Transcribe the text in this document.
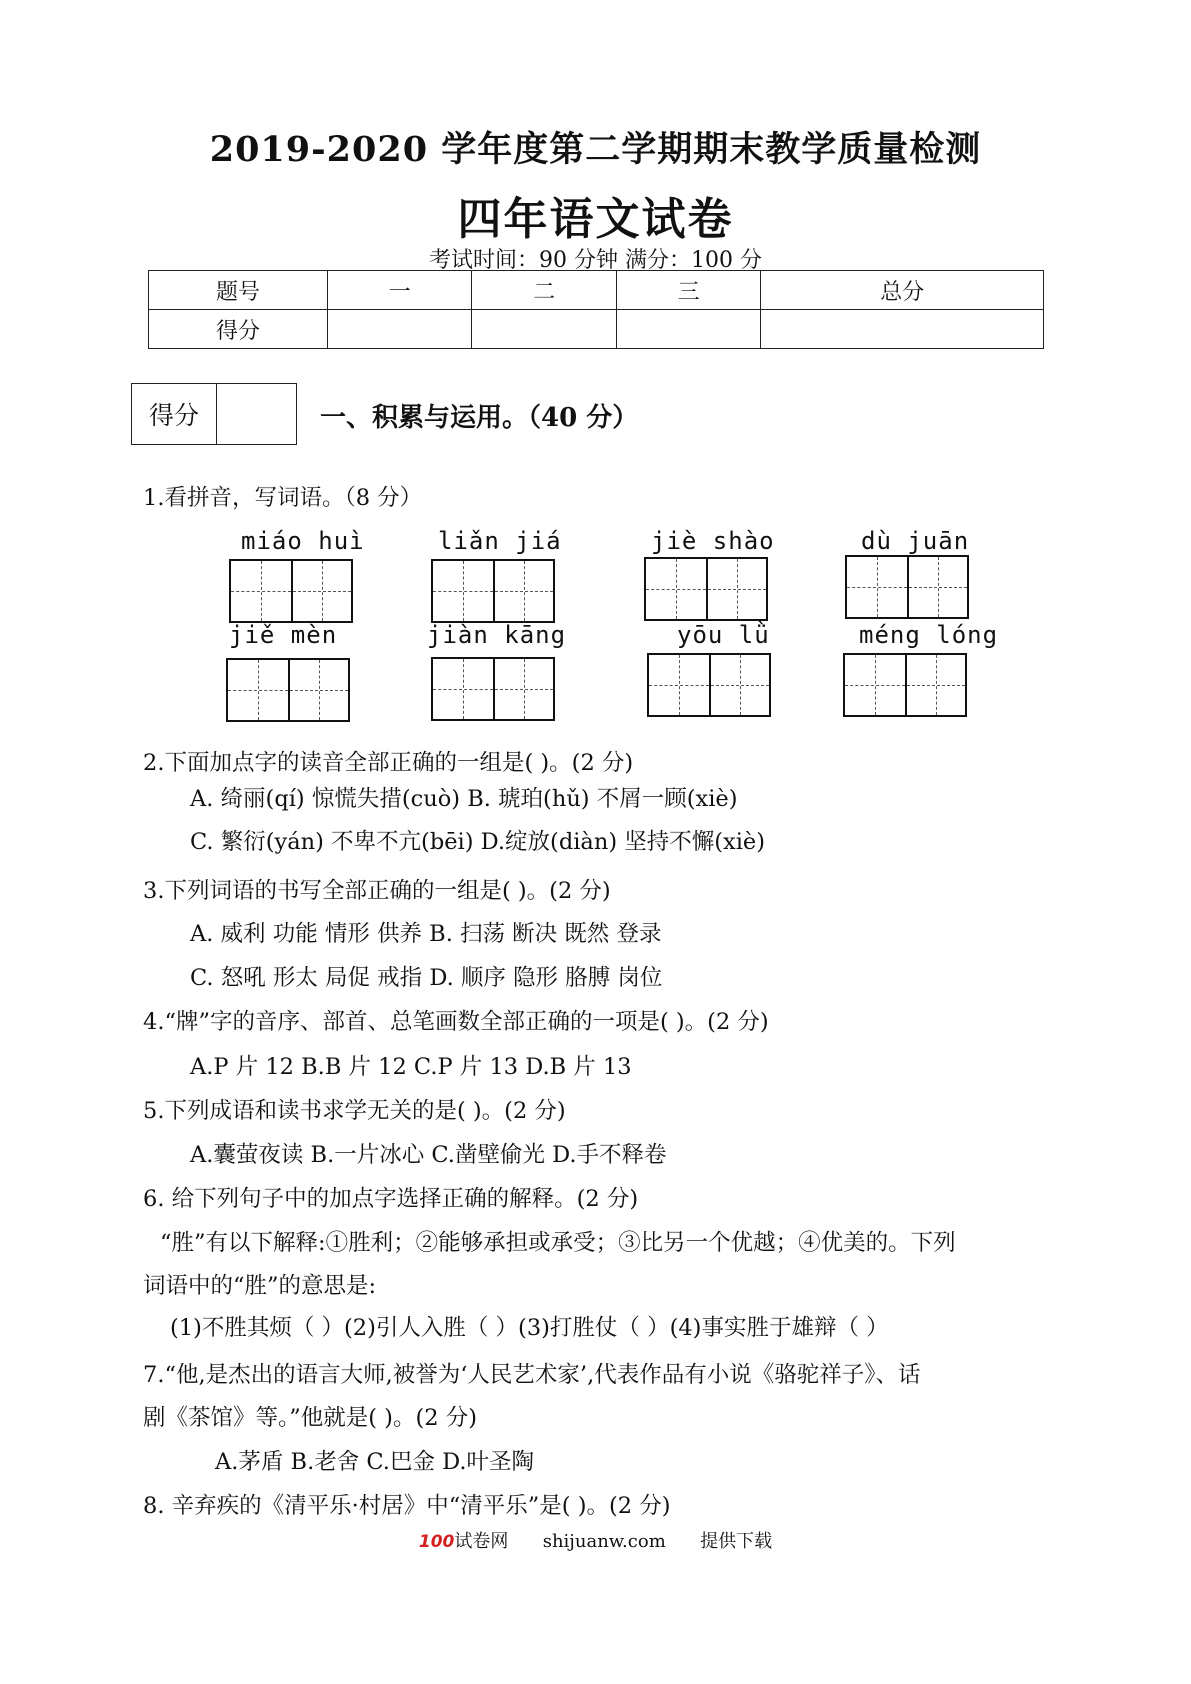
2019-2020 学年度第二学期期末教学质量检测
四年语文试卷
考试时间：90 分钟 满分：100 分
题号	一	二	三	总分
得分				
得分	一、积累与运用。（40 分）
1.看拼音，写词语。（8 分）
miáo huì	liǎn jiá	jiè shào	dù juān
jiě mèn	jiàn kāng	yōu lǜ	méng lóng
2.下面加点字的读音全部正确的一组是( )。(2 分)
A. 绮丽(qí) 惊慌失措(cuò) B. 琥珀(hǔ) 不屑一顾(xiè)
C. 繁衍(yán) 不卑不亢(bēi) D.绽放(diàn) 坚持不懈(xiè)
3.下列词语的书写全部正确的一组是( )。(2 分)
A. 威利 功能 情形 供养 B. 扫荡 断决 既然 登录
C. 怒吼 形太 局促 戒指 D. 顺序 隐形 胳膊 岗位
4.“牌”字的音序、部首、总笔画数全部正确的一项是( )。(2 分)
A.P 片 12 B.B 片 12 C.P 片 13 D.B 片 13
5.下列成语和读书求学无关的是( )。(2 分)
A.囊萤夜读 B.一片冰心 C.凿壁偷光 D.手不释卷
6. 给下列句子中的加点字选择正确的解释。(2 分)
“胜”有以下解释:①胜利；②能够承担或承受；③比另一个优越；④优美的。下列
词语中的“胜”的意思是:
(1)不胜其烦（ ）(2)引人入胜（ ）(3)打胜仗（ ）(4)事实胜于雄辩（ ）
7.“他,是杰出的语言大师,被誉为‘人民艺术家’,代表作品有小说《骆驼祥子》、话
剧《茶馆》等。”他就是( )。(2 分)
A.茅盾 B.老舍 C.巴金 D.叶圣陶
8. 辛弃疾的《清平乐·村居》中“清平乐”是( )。(2 分)
100试卷网 shijuanw.com 提供下载
